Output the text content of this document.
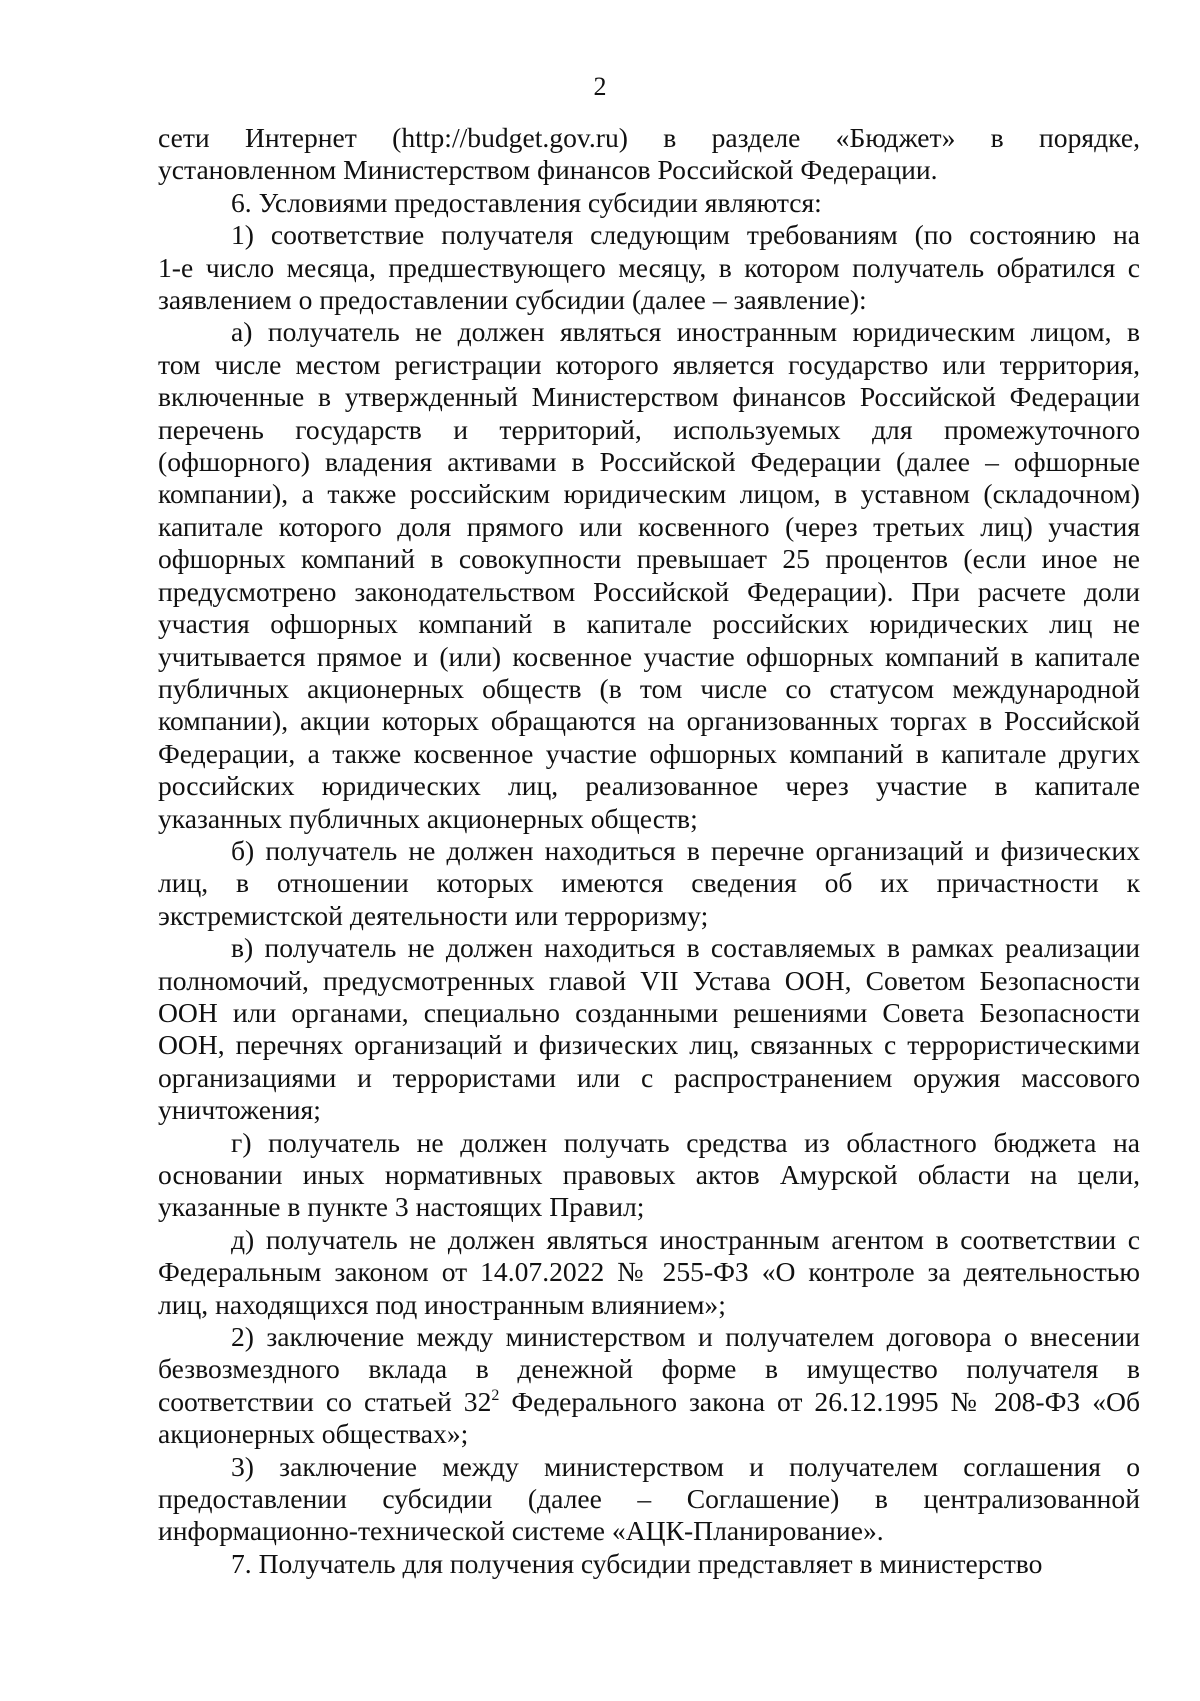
2
сети Интернет (http://budget.gov.ru) в разделе «Бюджет» в порядке,
установленном Министерством финансов Российской Федерации.
6. Условиями предоставления субсидии являются:
1) соответствие получателя следующим требованиям (по состоянию на
1-е число месяца, предшествующего месяцу, в котором получатель обратился с
заявлением о предоставлении субсидии (далее – заявление):
а) получатель не должен являться иностранным юридическим лицом, в
том числе местом регистрации которого является государство или территория,
включенные в утвержденный Министерством финансов Российской Федерации
перечень государств и территорий, используемых для промежуточного
(офшорного) владения активами в Российской Федерации (далее – офшорные
компании), а также российским юридическим лицом, в уставном (складочном)
капитале которого доля прямого или косвенного (через третьих лиц) участия
офшорных компаний в совокупности превышает 25 процентов (если иное не
предусмотрено законодательством Российской Федерации). При расчете доли
участия офшорных компаний в капитале российских юридических лиц не
учитывается прямое и (или) косвенное участие офшорных компаний в капитале
публичных акционерных обществ (в том числе со статусом международной
компании), акции которых обращаются на организованных торгах в Российской
Федерации, а также косвенное участие офшорных компаний в капитале других
российских юридических лиц, реализованное через участие в капитале
указанных публичных акционерных обществ;
б) получатель не должен находиться в перечне организаций и физических
лиц, в отношении которых имеются сведения об их причастности к
экстремистской деятельности или терроризму;
в) получатель не должен находиться в составляемых в рамках реализации
полномочий, предусмотренных главой VII Устава ООН, Советом Безопасности
ООН или органами, специально созданными решениями Совета Безопасности
ООН, перечнях организаций и физических лиц, связанных с террористическими
организациями и террористами или с распространением оружия массового
уничтожения;
г) получатель не должен получать средства из областного бюджета на
основании иных нормативных правовых актов Амурской области на цели,
указанные в пункте 3 настоящих Правил;
д) получатель не должен являться иностранным агентом в соответствии с
Федеральным законом от 14.07.2022 № 255-ФЗ «О контроле за деятельностью
лиц, находящихся под иностранным влиянием»;
2) заключение между министерством и получателем договора о внесении
безвозмездного вклада в денежной форме в имущество получателя в
соответствии со статьей $32^2$ Федерального закона от 26.12.1995 № 208-ФЗ «Об
акционерных обществах»;
3) заключение между министерством и получателем соглашения о
предоставлении субсидии (далее – Соглашение) в централизованной
информационно-технической системе «АЦК-Планирование».
7. Получатель для получения субсидии представляет в министерство
